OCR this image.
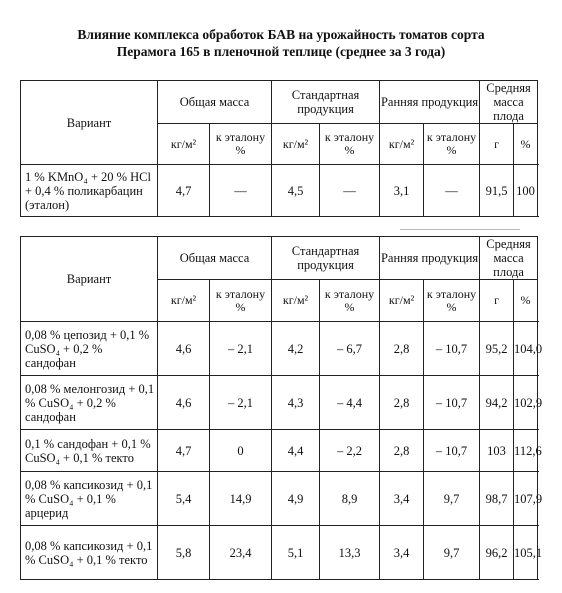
Влияние комплекса обработок БАВ на урожайность томатов сорта
Перамога 165 в пленочной теплице (среднее за 3 года)
Вариант	Общая масса		Стандартная продукция		Ранняя продукция		Средняя масса плода	
	кг/м²	к эталону %	кг/м²	к эталону %	кг/м²	к эталону %	г	%
1 % KMnO₄ + 20 % HCl + 0,4 % поликарбацин (эталон)	4,7	—	4,5	—	3,1	—	91,5	100
Вариант	Общая масса		Стандартная продукция		Ранняя продукция		Средняя масса плода	
	кг/м²	к эталону %	кг/м²	к эталону %	кг/м²	к эталону %	г	%
0,08 % цепозид + 0,1 % CuSO₄ + 0,2 % сандофан	4,6	– 2,1	4,2	– 6,7	2,8	– 10,7	95,2	104,0
0,08 % мелонгозид + 0,1 % CuSO₄ + 0,2 % сандофан	4,6	– 2,1	4,3	– 4,4	2,8	– 10,7	94,2	102,9
0,1 % сандофан + 0,1 % CuSO₄ + 0,1 % текто	4,7	0	4,4	– 2,2	2,8	– 10,7	103	112,6
0,08 % капсикозид + 0,1 % CuSO₄ + 0,1 % арцерид	5,4	14,9	4,9	8,9	3,4	9,7	98,7	107,9
0,08 % капсикозид + 0,1 % CuSO₄ + 0,1 % текто	5,8	23,4	5,1	13,3	3,4	9,7	96,2	105,1
